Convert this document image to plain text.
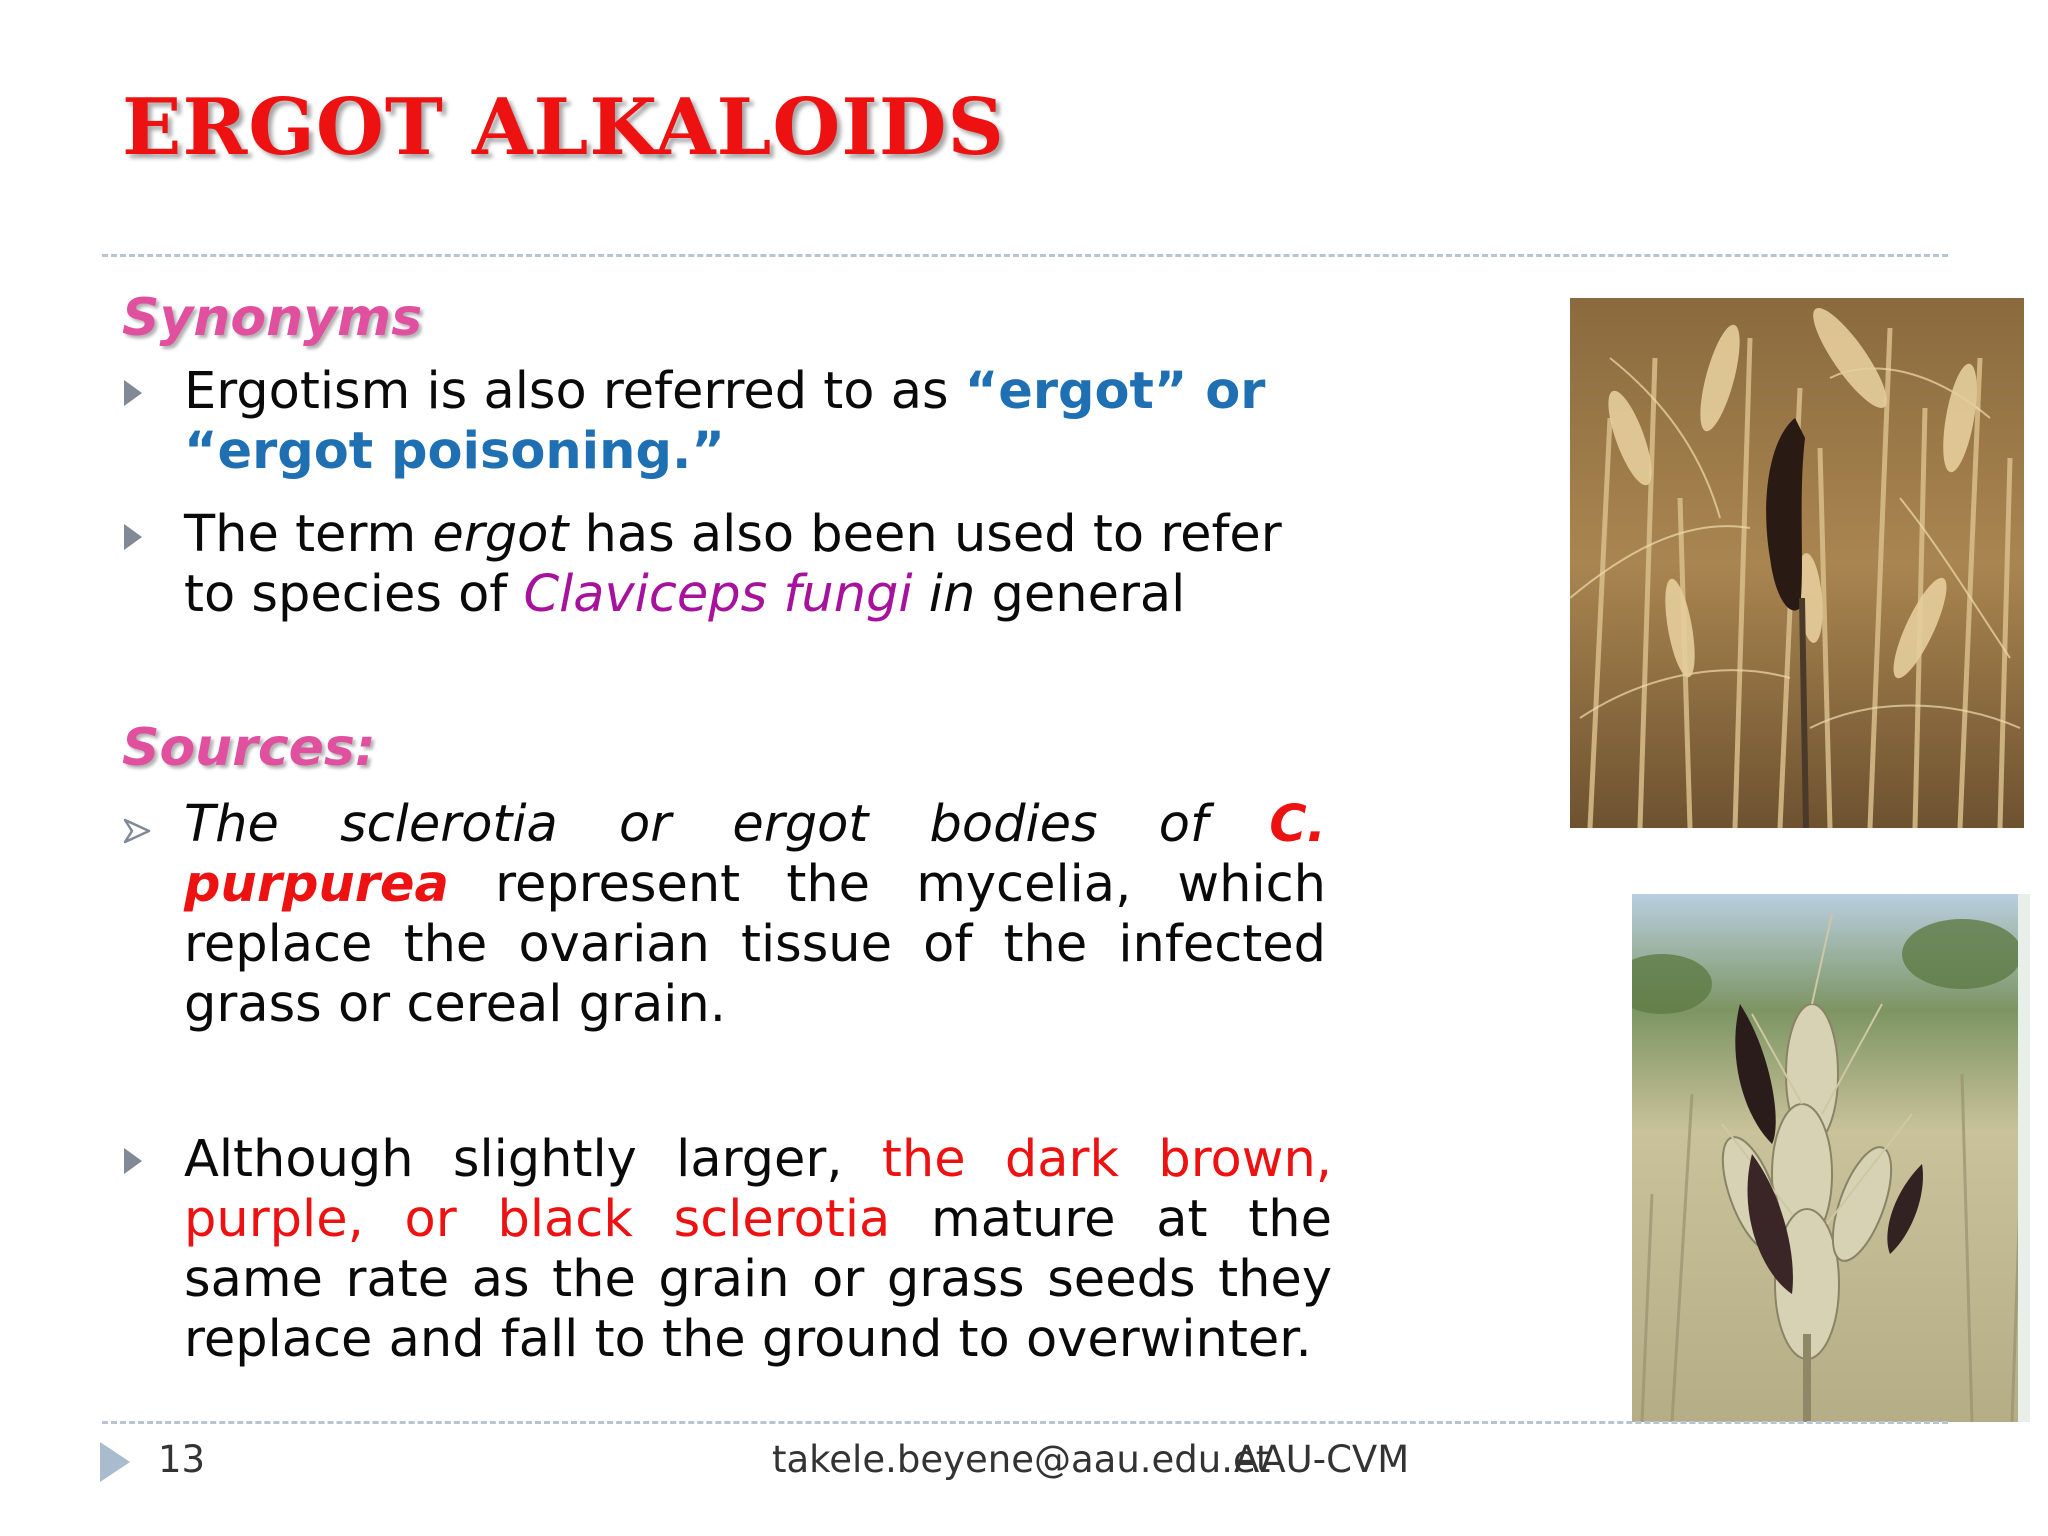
ERGOT ALKALOIDS
Synonyms
Ergotism is also referred to as “ergot” or
“ergot poisoning.”
The term ergot has also been used to refer to species of Claviceps fungi in general
Sources:
The sclerotia or ergot bodies of C. purpurea represent the mycelia, which replace the ovarian tissue of the infected grass or cereal grain.
Although slightly larger, the dark brown, purple, or black sclerotia mature at the same rate as the grain or grass seeds they replace and fall to the ground to overwinter.
13	takele.beyene@aau.edu.et
AAU-CVM
